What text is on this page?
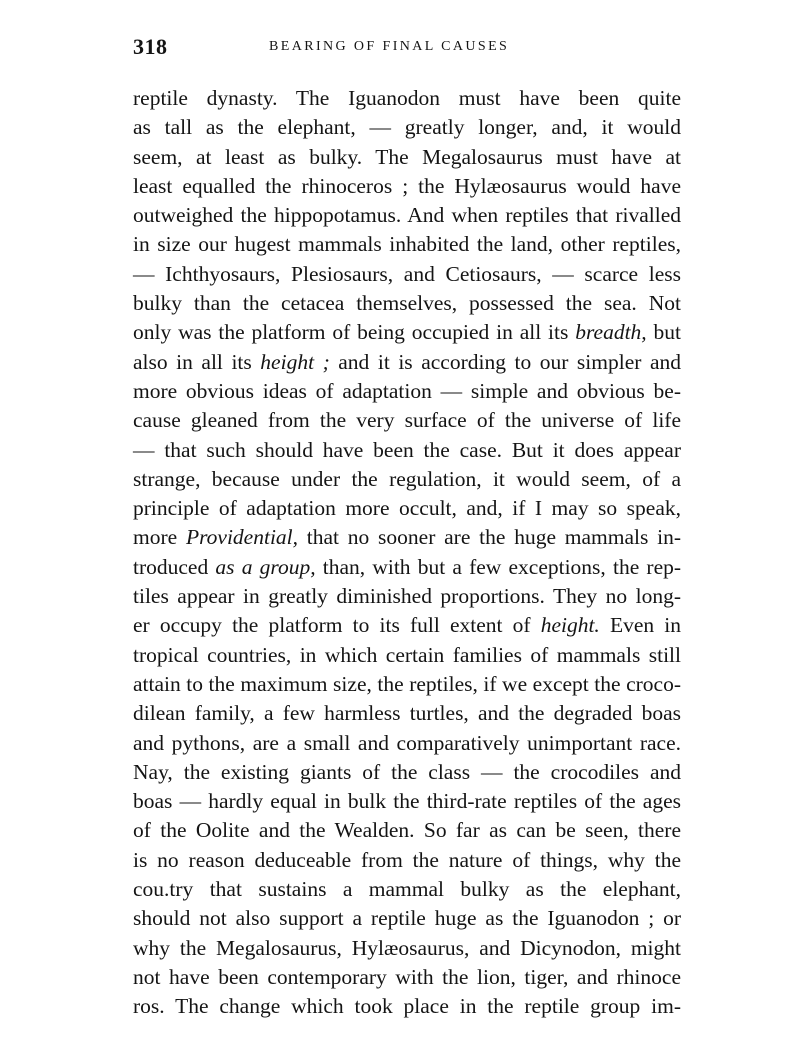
318	BEARING OF FINAL CAUSES
reptile dynasty. The Iguanodon must have been quite
as tall as the elephant, — greatly longer, and, it would
seem, at least as bulky. The Megalosaurus must have at
least equalled the rhinoceros ; the Hylæosaurus would have
outweighed the hippopotamus. And when reptiles that rivalled
in size our hugest mammals inhabited the land, other reptiles,
— Ichthyosaurs, Plesiosaurs, and Cetiosaurs, — scarce less
bulky than the cetacea themselves, possessed the sea. Not
only was the platform of being occupied in all its breadth, but
also in all its height ; and it is according to our simpler and
more obvious ideas of adaptation — simple and obvious be-
cause gleaned from the very surface of the universe of life
— that such should have been the case. But it does appear
strange, because under the regulation, it would seem, of a
principle of adaptation more occult, and, if I may so speak,
more Providential, that no sooner are the huge mammals in-
troduced as a group, than, with but a few exceptions, the rep-
tiles appear in greatly diminished proportions. They no long-
er occupy the platform to its full extent of height. Even in
tropical countries, in which certain families of mammals still
attain to the maximum size, the reptiles, if we except the croco-
dilean family, a few harmless turtles, and the degraded boas
and pythons, are a small and comparatively unimportant race.
Nay, the existing giants of the class — the crocodiles and
boas — hardly equal in bulk the third-rate reptiles of the ages
of the Oolite and the Wealden. So far as can be seen, there
is no reason deduceable from the nature of things, why the
cou.try that sustains a mammal bulky as the elephant,
should not also support a reptile huge as the Iguanodon ; or
why the Megalosaurus, Hylæosaurus, and Dicynodon, might
not have been contemporary with the lion, tiger, and rhinoce
ros. The change which took place in the reptile group im-
